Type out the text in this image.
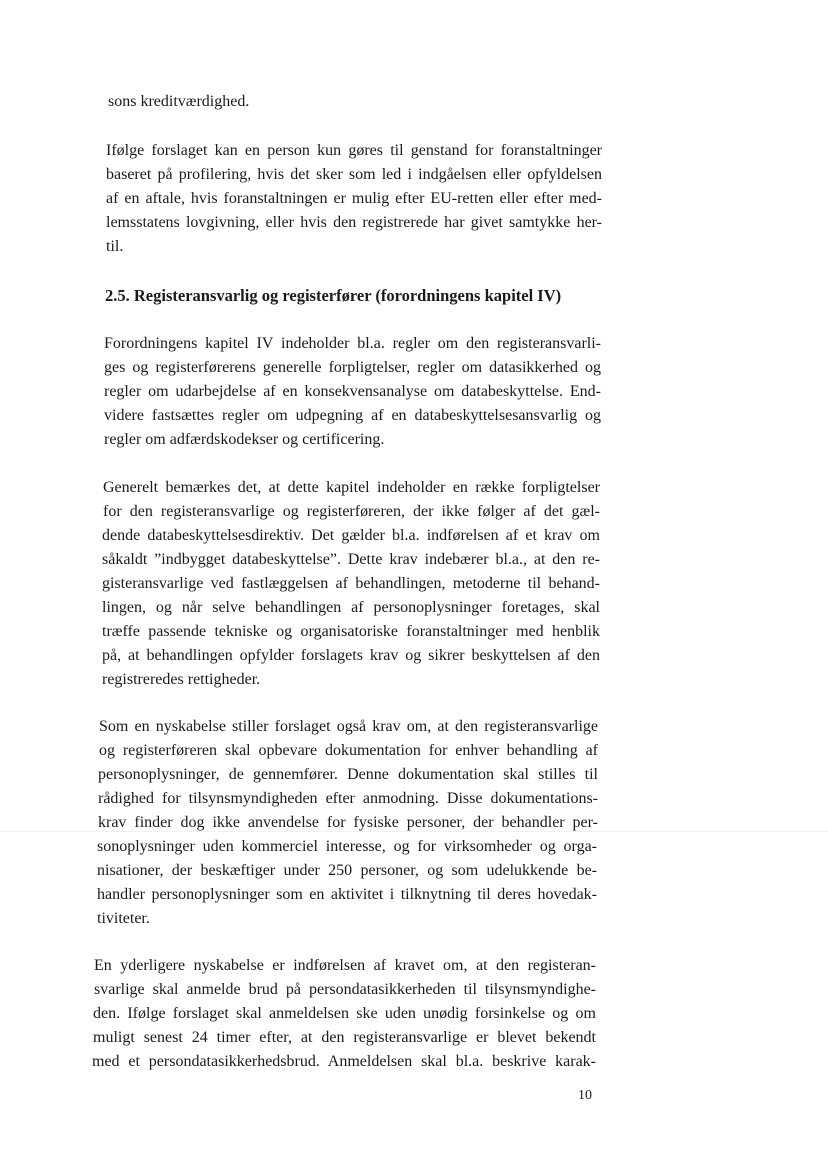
sons kreditværdighed.

Ifølge forslaget kan en person kun gøres til genstand for foranstaltninger

baseret på profilering, hvis det sker som led i indgåelsen eller opfyldelsen

af en aftale, hvis foranstaltningen er mulig efter EU-retten eller efter med-

lemsstatens lovgivning, eller hvis den registrerede har givet samtykke her-

til.

2.5. Registeransvarlig og registerfører (forordningens kapitel IV)

Forordningens kapitel IV indeholder bl.a. regler om den registeransvarli-

ges og registerførerens generelle forpligtelser, regler om datasikkerhed og

regler om udarbejdelse af en konsekvensanalyse om databeskyttelse. End-

videre fastsættes regler om udpegning af en databeskyttelsesansvarlig og

regler om adfærdskodekser og certificering.

Generelt bemærkes det, at dette kapitel indeholder en række forpligtelser

for den registeransvarlige og registerføreren, der ikke følger af det gæl-

dende databeskyttelsesdirektiv. Det gælder bl.a. indførelsen af et krav om

såkaldt ”indbygget databeskyttelse”. Dette krav indebærer bl.a., at den re-

gisteransvarlige ved fastlæggelsen af behandlingen, metoderne til behand-

lingen, og når selve behandlingen af personoplysninger foretages, skal

træffe passende tekniske og organisatoriske foranstaltninger med henblik

på, at behandlingen opfylder forslagets krav og sikrer beskyttelsen af den

registreredes rettigheder.

Som en nyskabelse stiller forslaget også krav om, at den registeransvarlige

og registerføreren skal opbevare dokumentation for enhver behandling af

personoplysninger, de gennemfører. Denne dokumentation skal stilles til

rådighed for tilsynsmyndigheden efter anmodning. Disse dokumentations-

krav finder dog ikke anvendelse for fysiske personer, der behandler per-

sonoplysninger uden kommerciel interesse, og for virksomheder og orga-

nisationer, der beskæftiger under 250 personer, og som udelukkende be-

handler personoplysninger som en aktivitet i tilknytning til deres hovedak-

tiviteter.

En yderligere nyskabelse er indførelsen af kravet om, at den registeran-

svarlige skal anmelde brud på persondatasikkerheden til tilsynsmyndighe-

den. Ifølge forslaget skal anmeldelsen ske uden unødig forsinkelse og om

muligt senest 24 timer efter, at den registeransvarlige er blevet bekendt

med et persondatasikkerhedsbrud. Anmeldelsen skal bl.a. beskrive karak-

10
